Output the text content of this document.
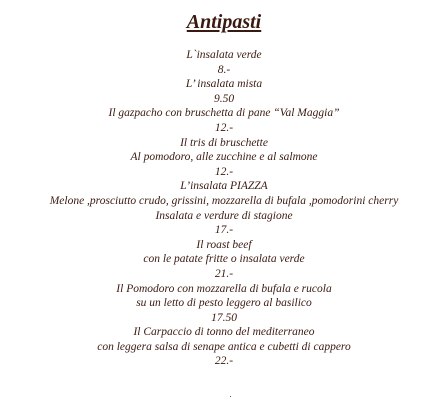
Antipasti
L`insalata verde
8.-
L’ insalata mista
9.50
Il gazpacho con bruschetta di pane “Val Maggia”
12.-
Il tris di bruschette
Al pomodoro, alle zucchine e al salmone
12.-
L’insalata PIAZZA
Melone ,prosciutto crudo, grissini, mozzarella di bufala ,pomodorini cherry
Insalata e verdure di stagione
17.-
Il roast beef
con le patate fritte o insalata verde
21.-
Il Pomodoro con mozzarella di bufala e rucola
su un letto di pesto leggero al basilico
17.50
Il Carpaccio di tonno del mediterraneo
con leggera salsa di senape antica e cubetti di cappero
22.-
